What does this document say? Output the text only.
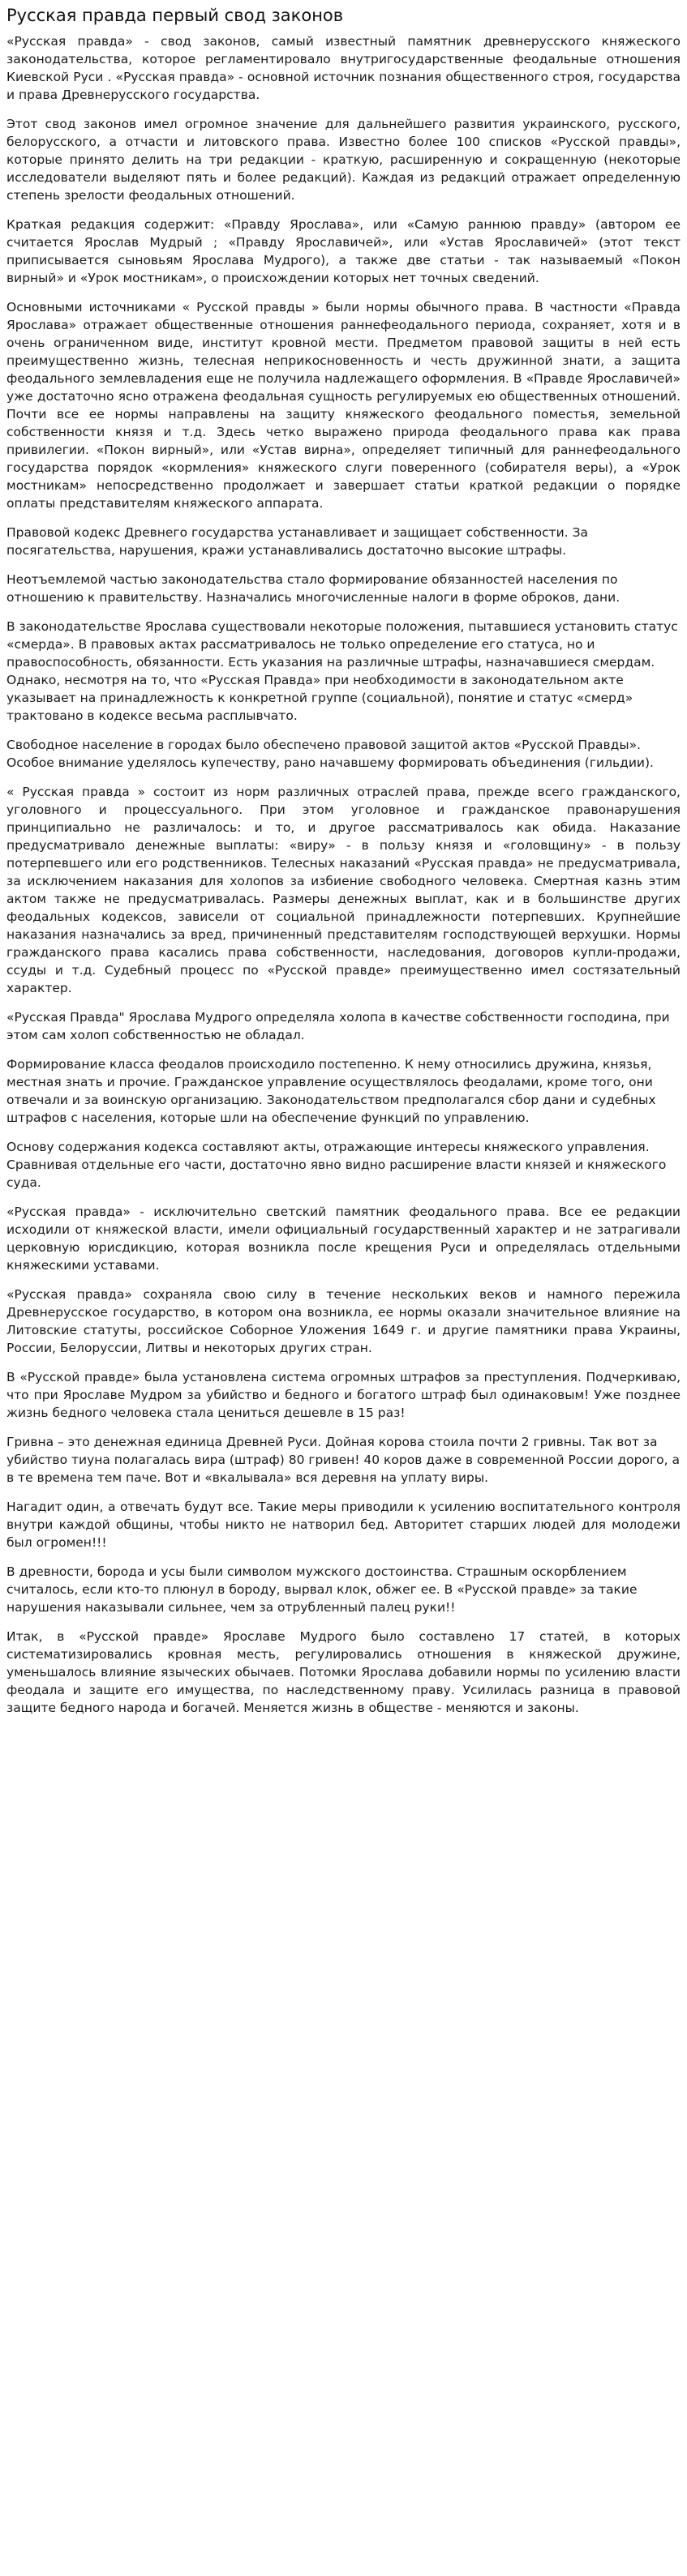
Русская правда первый свод законов

«Русская правда» - свод законов, самый известный памятник древнерусского княжеского законодательства, которое регламентировало внутригосударственные феодальные отношения Киевской Руси . «Русская правда» - основной источник познания общественного строя, государства и права Древнерусского государства.

Этот свод законов имел огромное значение для дальнейшего развития украинского, русского, белорусского, а отчасти и литовского права. Известно более 100 списков «Русской правды», которые принято делить на три редакции - краткую, расширенную и сокращенную (некоторые исследователи выделяют пять и более редакций). Каждая из редакций отражает определенную степень зрелости феодальных отношений.

Краткая редакция содержит: «Правду Ярослава», или «Самую раннюю правду» (автором ее считается Ярослав Мудрый ; «Правду Ярославичей», или «Устав Ярославичей» (этот текст приписывается сыновьям Ярослава Мудрого), а также две статьи - так называемый «Покон вирный» и «Урок мостникам», о происхождении которых нет точных сведений.

Основными источниками « Русской правды » были нормы обычного права. В частности «Правда Ярослава» отражает общественные отношения раннефеодального периода, сохраняет, хотя и в очень ограниченном виде, институт кровной мести. Предметом правовой защиты в ней есть преимущественно жизнь, телесная неприкосновенность и честь дружинной знати, а защита феодального землевладения еще не получила надлежащего оформления. В «Правде Ярославичей» уже достаточно ясно отражена феодальная сущность регулируемых ею общественных отношений. Почти все ее нормы направлены на защиту княжеского феодального поместья, земельной собственности князя и т.д. Здесь четко выражено природа феодального права как права привилегии. «Покон вирный», или «Устав вирна», определяет типичный для раннефеодального государства порядок «кормления» княжеского слуги поверенного (собирателя веры), а «Урок мостникам» непосредственно продолжает и завершает статьи краткой редакции о порядке оплаты представителям княжеского аппарата.

Правовой кодекс Древнего государства устанавливает и защищает собственности. За посягательства, нарушения, кражи устанавливались достаточно высокие штрафы.

Неотъемлемой частью законодательства стало формирование обязанностей населения по отношению к правительству. Назначались многочисленные налоги в форме оброков, дани.

В законодательстве Ярослава существовали некоторые положения, пытавшиеся установить статус «смерда». В правовых актах рассматривалось не только определение его статуса, но и правоспособность, обязанности. Есть указания на различные штрафы, назначавшиеся смердам. Однако, несмотря на то, что «Русская Правда» при необходимости в законодательном акте указывает на принадлежность к конкретной группе (социальной), понятие и статус «смерд» трактовано в кодексе весьма расплывчато.

Свободное население в городах было обеспечено правовой защитой актов «Русской Правды». Особое внимание уделялось купечеству, рано начавшему формировать объединения (гильдии).

« Русская правда » состоит из норм различных отраслей права, прежде всего гражданского, уголовного и процессуального. При этом уголовное и гражданское правонарушения принципиально не различалось: и то, и другое рассматривалось как обида. Наказание предусматривало денежные выплаты: «виру» - в пользу князя и «головщину» - в пользу потерпевшего или его родственников. Телесных наказаний «Русская правда» не предусматривала, за исключением наказания для холопов за избиение свободного человека. Смертная казнь этим актом также не предусматривалась. Размеры денежных выплат, как и в большинстве других феодальных кодексов, зависели от социальной принадлежности потерпевших. Крупнейшие наказания назначались за вред, причиненный представителям господствующей верхушки. Нормы гражданского права касались права собственности, наследования, договоров купли-продажи, ссуды и т.д. Судебный процесс по «Русской правде» преимущественно имел состязательный характер.

«Русская Правда" Ярослава Мудрого определяла холопа в качестве собственности господина, при этом сам холоп собственностью не обладал.

Формирование класса феодалов происходило постепенно. К нему относились дружина, князья, местная знать и прочие. Гражданское управление осуществлялось феодалами, кроме того, они отвечали и за воинскую организацию. Законодательством предполагался сбор дани и судебных штрафов с населения, которые шли на обеспечение функций по управлению.

Основу содержания кодекса составляют акты, отражающие интересы княжеского управления. Сравнивая отдельные его части, достаточно явно видно расширение власти князей и княжеского суда.

«Русская правда» - исключительно светский памятник феодального права. Все ее редакции исходили от княжеской власти, имели официальный государственный характер и не затрагивали церковную юрисдикцию, которая возникла после крещения Руси и определялась отдельными княжескими уставами.

«Русская правда» сохраняла свою силу в течение нескольких веков и намного пережила Древнерусское государство, в котором она возникла, ее нормы оказали значительное влияние на Литовские статуты, российское Соборное Уложения 1649 г. и другие памятники права Украины, России, Белоруссии, Литвы и некоторых других стран.

В «Русской правде» была установлена система огромных штрафов за преступления. Подчеркиваю, что при Ярославе Мудром за убийство и бедного и богатого штраф был одинаковым! Уже позднее жизнь бедного человека стала цениться дешевле в 15 раз!

Гривна – это денежная единица Древней Руси. Дойная корова стоила почти 2 гривны. Так вот за убийство тиуна полагалась вира (штраф) 80 гривен! 40 коров даже в современной России дорого, а в те времена тем паче. Вот и «вкалывала» вся деревня на уплату виры.

Нагадит один, а отвечать будут все. Такие меры приводили к усилению воспитательного контроля внутри каждой общины, чтобы никто не натворил бед. Авторитет старших людей для молодежи был огромен!!!

В древности, борода и усы были символом мужского достоинства. Страшным оскорблением считалось, если кто-то плюнул в бороду, вырвал клок, обжег ее. В «Русской правде» за такие нарушения наказывали сильнее, чем за отрубленный палец руки!!

Итак, в «Русской правде» Ярославе Мудрого было составлено 17 статей, в которых систематизировались кровная месть, регулировались отношения в княжеской дружине, уменьшалось влияние языческих обычаев. Потомки Ярослава добавили нормы по усилению власти феодала и защите его имущества, по наследственному праву. Усилилась разница в правовой защите бедного народа и богачей. Меняется жизнь в обществе - меняются и законы.
